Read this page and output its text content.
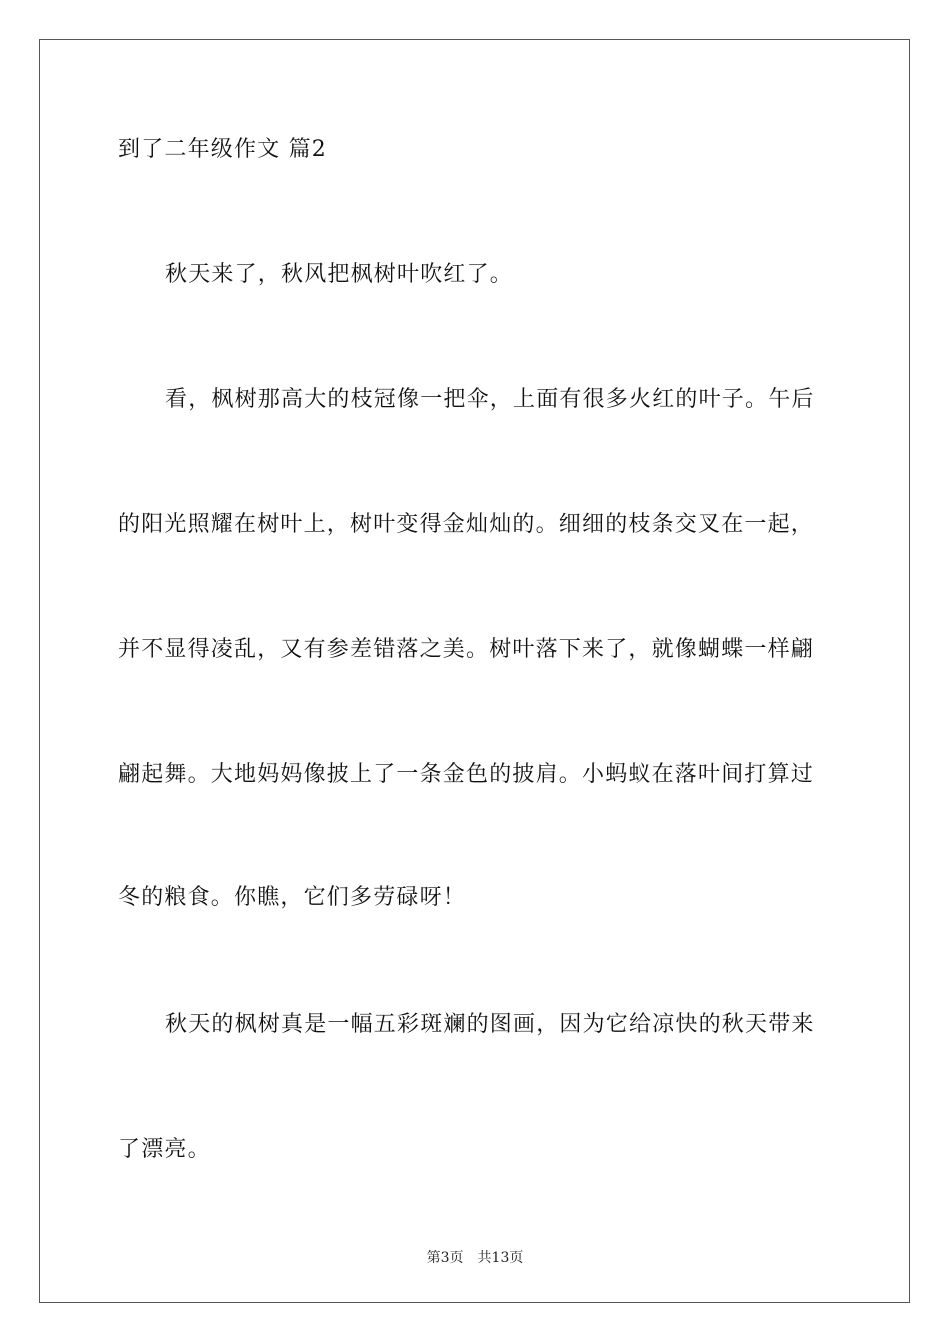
到了二年级作文 篇2
秋天来了，秋风把枫树叶吹红了。
看，枫树那高大的枝冠像一把伞，上面有很多火红的叶子。午后
的阳光照耀在树叶上，树叶变得金灿灿的。细细的枝条交叉在一起，
并不显得凌乱，又有参差错落之美。树叶落下来了，就像蝴蝶一样翩
翩起舞。大地妈妈像披上了一条金色的披肩。小蚂蚁在落叶间打算过
冬的粮食。你瞧，它们多劳碌呀！
秋天的枫树真是一幅五彩斑斓的图画，因为它给凉快的秋天带来
了漂亮。
第3页　共13页
